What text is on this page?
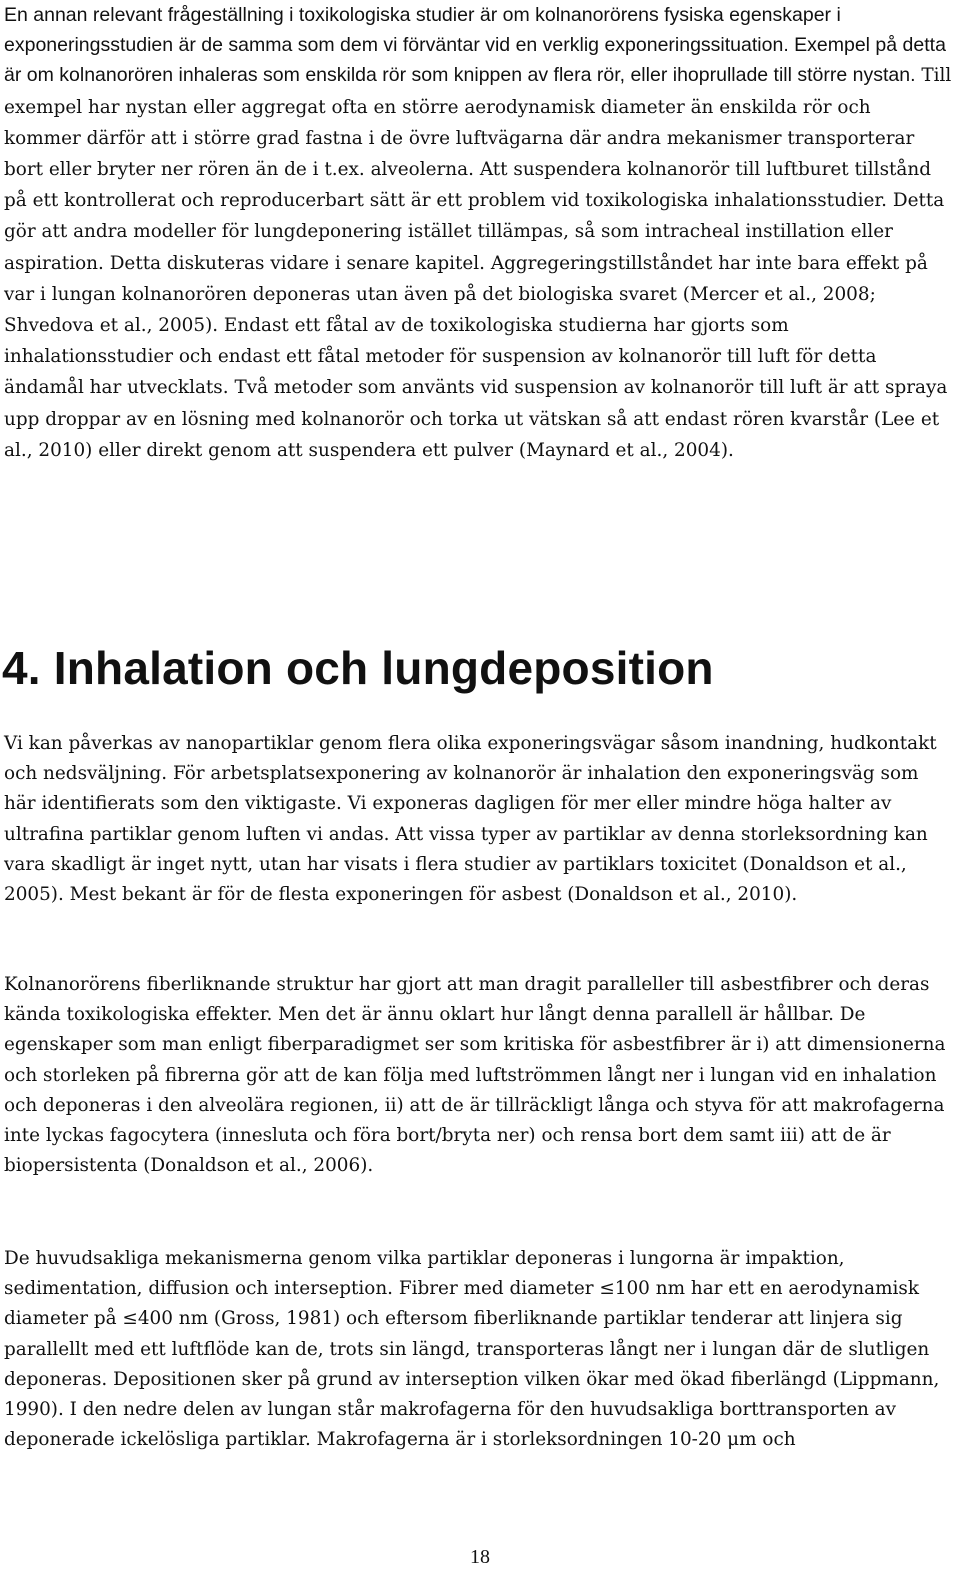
En annan relevant frågeställning i toxikologiska studier är om kolnanorörens fysiska egenskaper i exponeringsstudien är de samma som dem vi förväntar vid en verklig exponeringssituation. Exempel på detta är om kolnanorören inhaleras som enskilda rör som knippen av flera rör, eller ihoprullade till större nystan. Till exempel har nystan eller aggregat ofta en större aerodynamisk diameter än enskilda rör och kommer därför att i större grad fastna i de övre luftvägarna där andra mekanismer transporterar bort eller bryter ner rören än de i t.ex. alveolerna. Att suspendera kolnanorör till luftburet tillstånd på ett kontrollerat och reproducerbart sätt är ett problem vid toxikologiska inhalationsstudier. Detta gör att andra modeller för lungdeponering istället tillämpas, så som intracheal instillation eller aspiration. Detta diskuteras vidare i senare kapitel. Aggregeringstillståndet har inte bara effekt på var i lungan kolnanorören deponeras utan även på det biologiska svaret (Mercer et al., 2008; Shvedova et al., 2005). Endast ett fåtal av de toxikologiska studierna har gjorts som inhalationsstudier och endast ett fåtal metoder för suspension av kolnanorör till luft för detta ändamål har utvecklats. Två metoder som använts vid suspension av kolnanorör till luft är att spraya upp droppar av en lösning med kolnanorör och torka ut vätskan så att endast rören kvarstår (Lee et al., 2010) eller direkt genom att suspendera ett pulver (Maynard et al., 2004).

4. Inhalation och lungdeposition

Vi kan påverkas av nanopartiklar genom flera olika exponeringsvägar såsom inandning, hudkontakt och nedsväljning. För arbetsplatsexponering av kolnanorör är inhalation den exponeringsväg som här identifierats som den viktigaste. Vi exponeras dagligen för mer eller mindre höga halter av ultrafina partiklar genom luften vi andas. Att vissa typer av partiklar av denna storleksordning kan vara skadligt är inget nytt, utan har visats i flera studier av partiklars toxicitet (Donaldson et al., 2005). Mest bekant är för de flesta exponeringen för asbest (Donaldson et al., 2010).

Kolnanorörens fiberliknande struktur har gjort att man dragit paralleller till asbestfibrer och deras kända toxikologiska effekter. Men det är ännu oklart hur långt denna parallell är hållbar. De egenskaper som man enligt fiberparadigmet ser som kritiska för asbestfibrer är i) att dimensionerna och storleken på fibrerna gör att de kan följa med luftströmmen långt ner i lungan vid en inhalation och deponeras i den alveolära regionen, ii) att de är tillräckligt långa och styva för att makrofagerna inte lyckas fagocytera (innesluta och föra bort/bryta ner) och rensa bort dem samt iii) att de är biopersistenta (Donaldson et al., 2006).

De huvudsakliga mekanismerna genom vilka partiklar deponeras i lungorna är impaktion, sedimentation, diffusion och interseption. Fibrer med diameter ≤100 nm har ett en aerodynamisk diameter på ≤400 nm (Gross, 1981) och eftersom fiberliknande partiklar tenderar att linjera sig parallellt med ett luftflöde kan de, trots sin längd, transporteras långt ner i lungan där de slutligen deponeras. Depositionen sker på grund av interseption vilken ökar med ökad fiberlängd (Lippmann, 1990). I den nedre delen av lungan står makrofagerna för den huvudsakliga borttransporten av deponerade ickelösliga partiklar. Makrofagerna är i storleksordningen 10-20 μm och

18
